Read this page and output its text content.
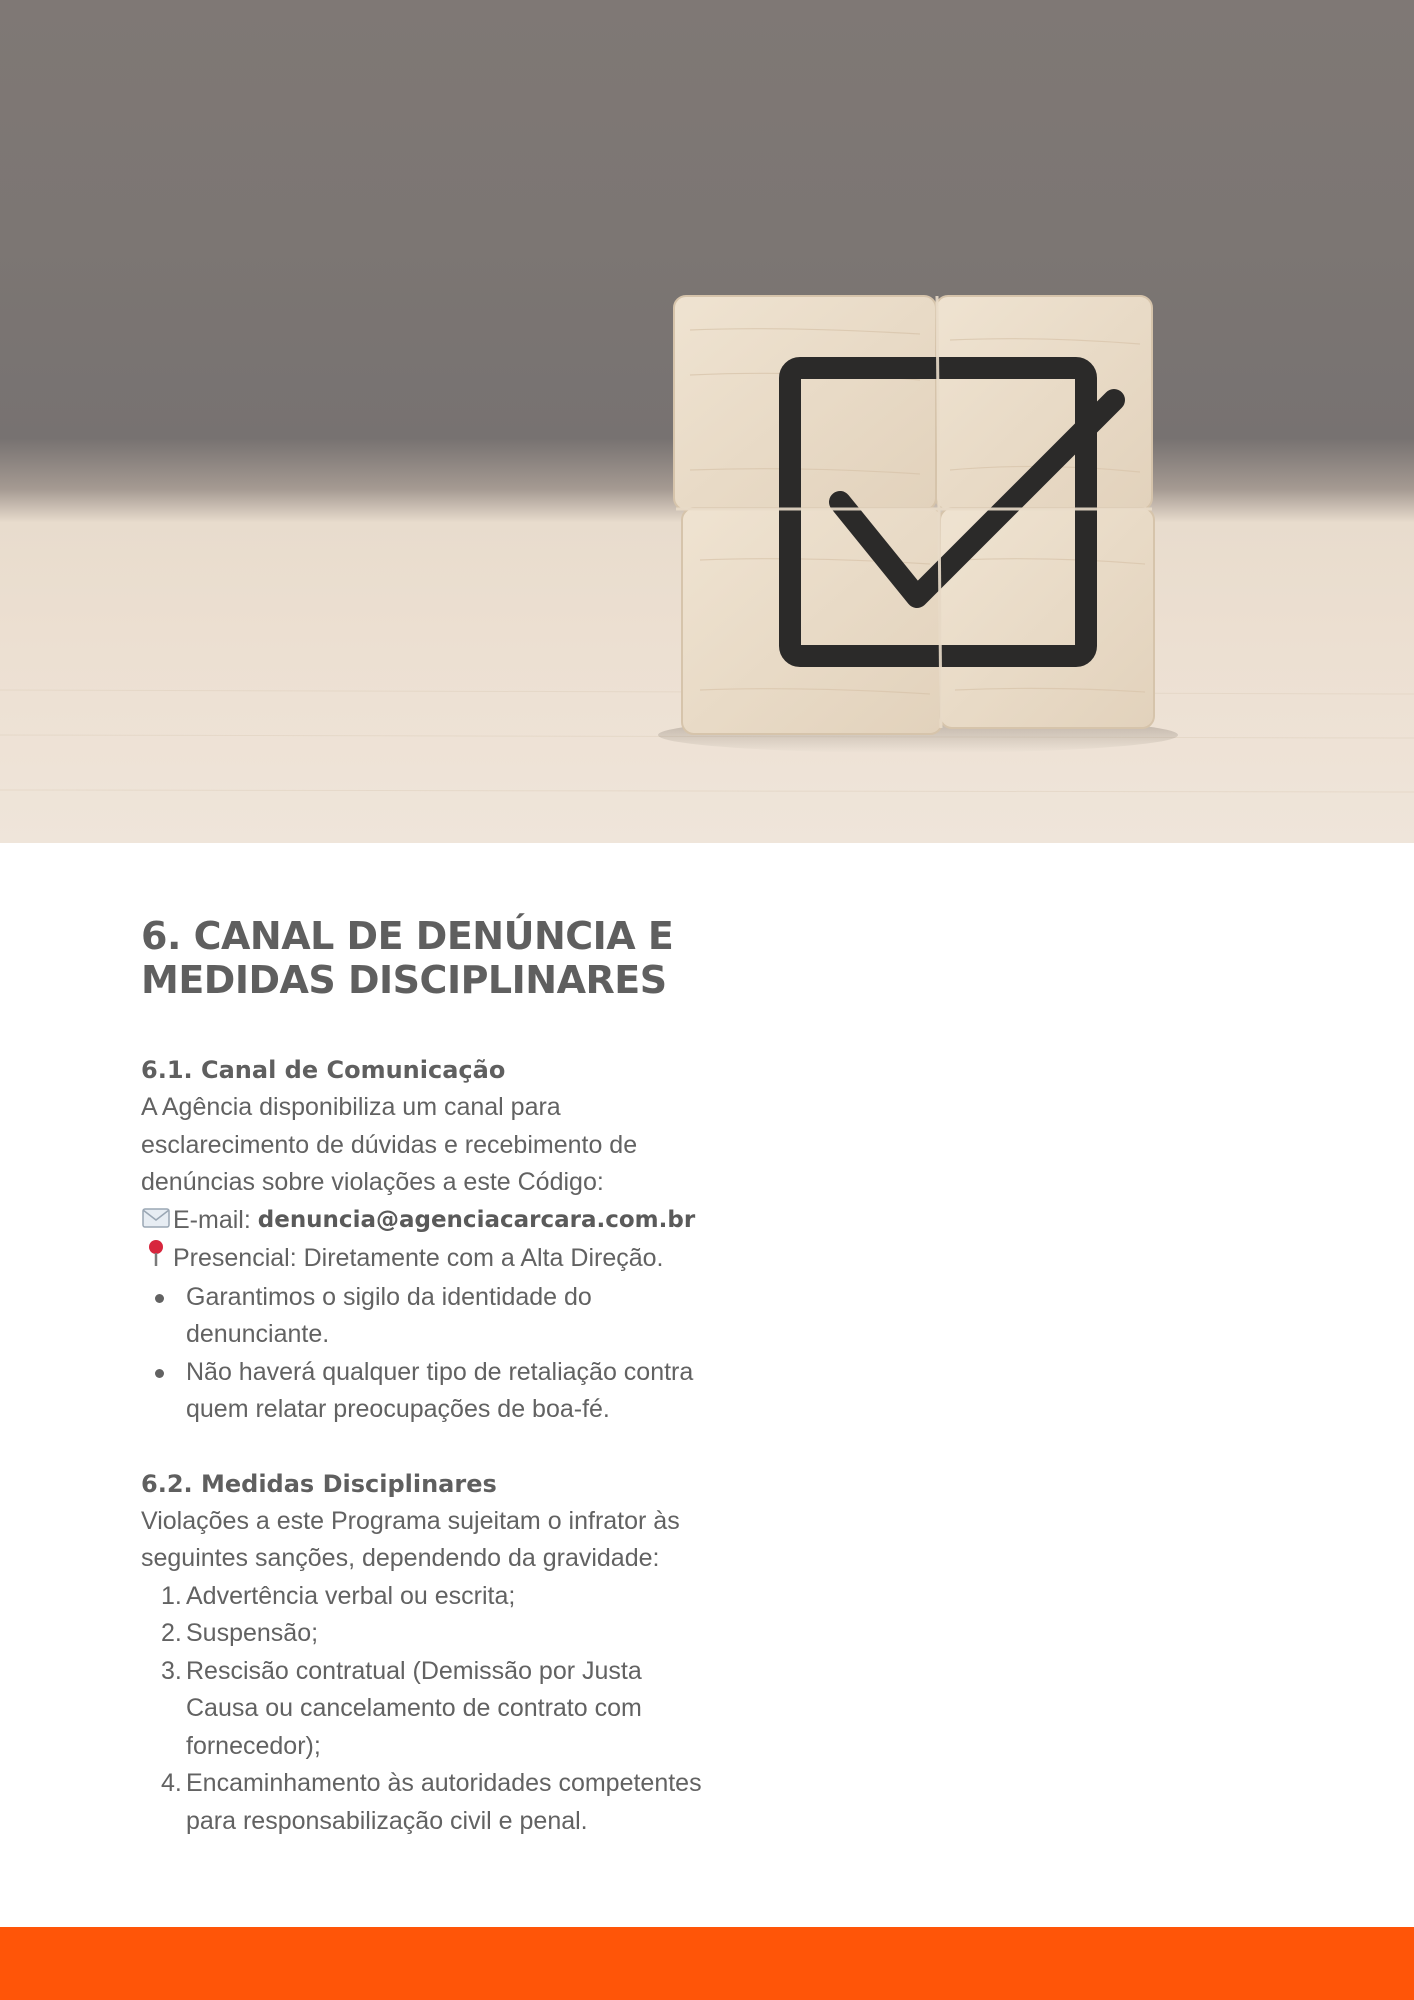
6. CANAL DE DENÚNCIA E MEDIDAS DISCIPLINARES
6.1. Canal de Comunicação

A Agência disponibiliza um canal para esclarecimento de dúvidas e recebimento de denúncias sobre violações a este Código:

E-mail:
denuncia@agenciacarcara.com.br
Presencial: Diretamente com a Alta Direção.
Garantimos o sigilo da identidade do denunciante.
Não haverá qualquer tipo de retaliação contra quem relatar preocupações de boa-fé.
6.2. Medidas Disciplinares

Violações a este Programa sujeitam o infrator às seguintes sanções, dependendo da gravidade:

1. Advertência verbal ou escrita;
2. Suspensão;
3. Rescisão contratual (Demissão por Justa Causa ou cancelamento de contrato com fornecedor);
4. Encaminhamento às autoridades competentes para responsabilização civil e penal.
